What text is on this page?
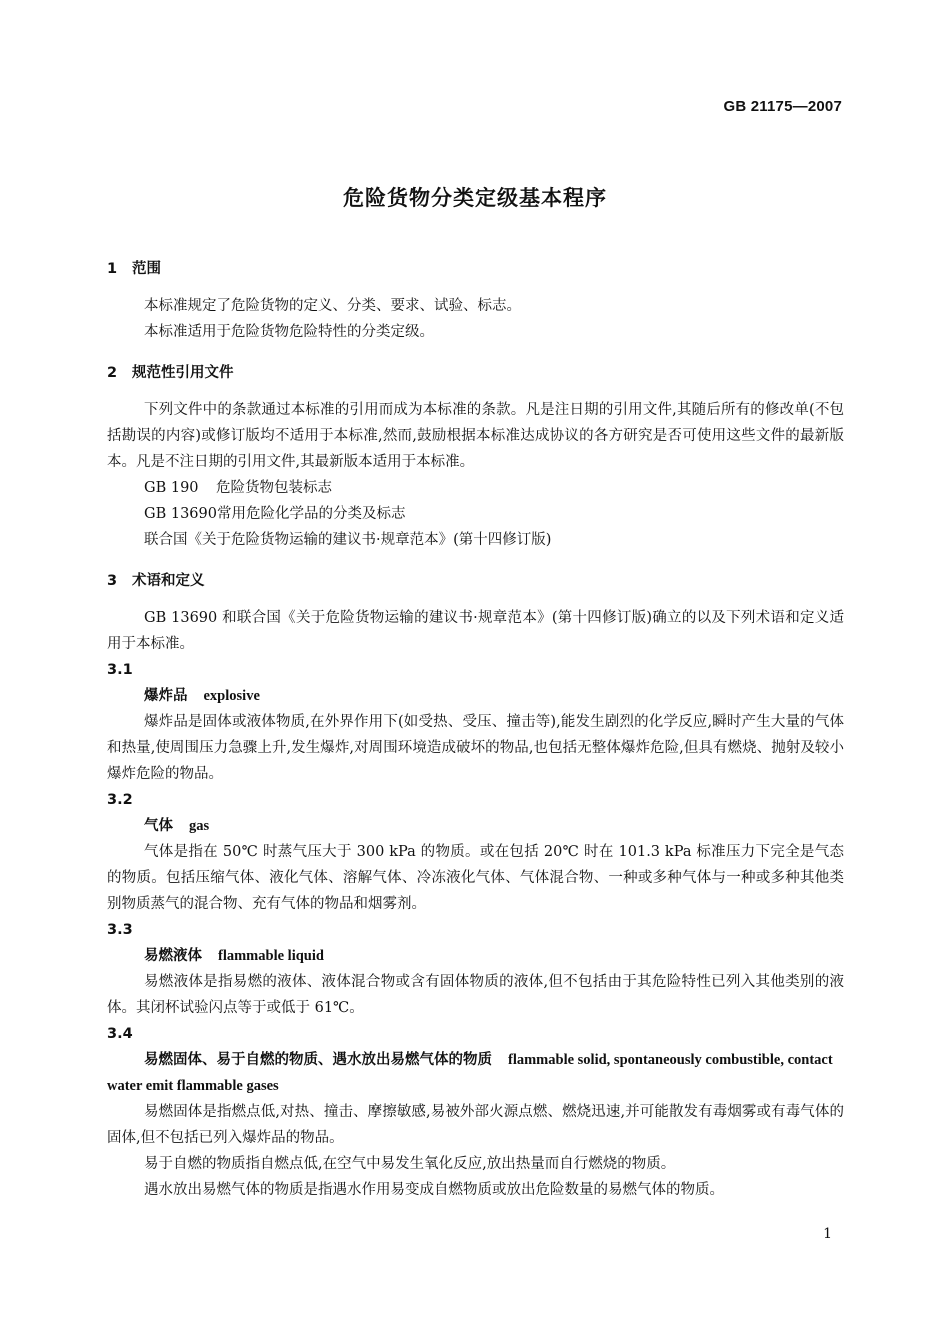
GB 21175—2007
危险货物分类定级基本程序
1 范围

本标准规定了危险货物的定义、分类、要求、试验、标志。

本标准适用于危险货物危险特性的分类定级。

2 规范性引用文件

下列文件中的条款通过本标准的引用而成为本标准的条款。凡是注日期的引用文件,其随后所有的修改单(不包括勘误的内容)或修订版均不适用于本标准,然而,鼓励根据本标准达成协议的各方研究是否可使用这些文件的最新版本。凡是不注日期的引用文件,其最新版本适用于本标准。

GB 190 危险货物包装标志

GB 13690常用危险化学品的分类及标志

联合国《关于危险货物运输的建议书·规章范本》(第十四修订版)

3 术语和定义

GB 13690 和联合国《关于危险货物运输的建议书·规章范本》(第十四修订版)确立的以及下列术语和定义适用于本标准。

3.1
爆炸品 explosive

爆炸品是固体或液体物质,在外界作用下(如受热、受压、撞击等),能发生剧烈的化学反应,瞬时产生大量的气体和热量,使周围压力急骤上升,发生爆炸,对周围环境造成破坏的物品,也包括无整体爆炸危险,但具有燃烧、抛射及较小爆炸危险的物品。

3.2
气体 gas

气体是指在 50℃ 时蒸气压大于 300 kPa 的物质。或在包括 20℃ 时在 101.3 kPa 标准压力下完全是气态的物质。包括压缩气体、液化气体、溶解气体、冷冻液化气体、气体混合物、一种或多种气体与一种或多种其他类别物质蒸气的混合物、充有气体的物品和烟雾剂。

3.3
易燃液体 flammable liquid

易燃液体是指易燃的液体、液体混合物或含有固体物质的液体,但不包括由于其危险特性已列入其他类别的液体。其闭杯试验闪点等于或低于 61℃。

3.4
易燃固体、易于自燃的物质、遇水放出易燃气体的物质 flammable solid, spontaneously combustible, contact water emit flammable gases

易燃固体是指燃点低,对热、撞击、摩擦敏感,易被外部火源点燃、燃烧迅速,并可能散发有毒烟雾或有毒气体的固体,但不包括已列入爆炸品的物品。

易于自燃的物质指自燃点低,在空气中易发生氧化反应,放出热量而自行燃烧的物质。

遇水放出易燃气体的物质是指遇水作用易变成自燃物质或放出危险数量的易燃气体的物质。

1
